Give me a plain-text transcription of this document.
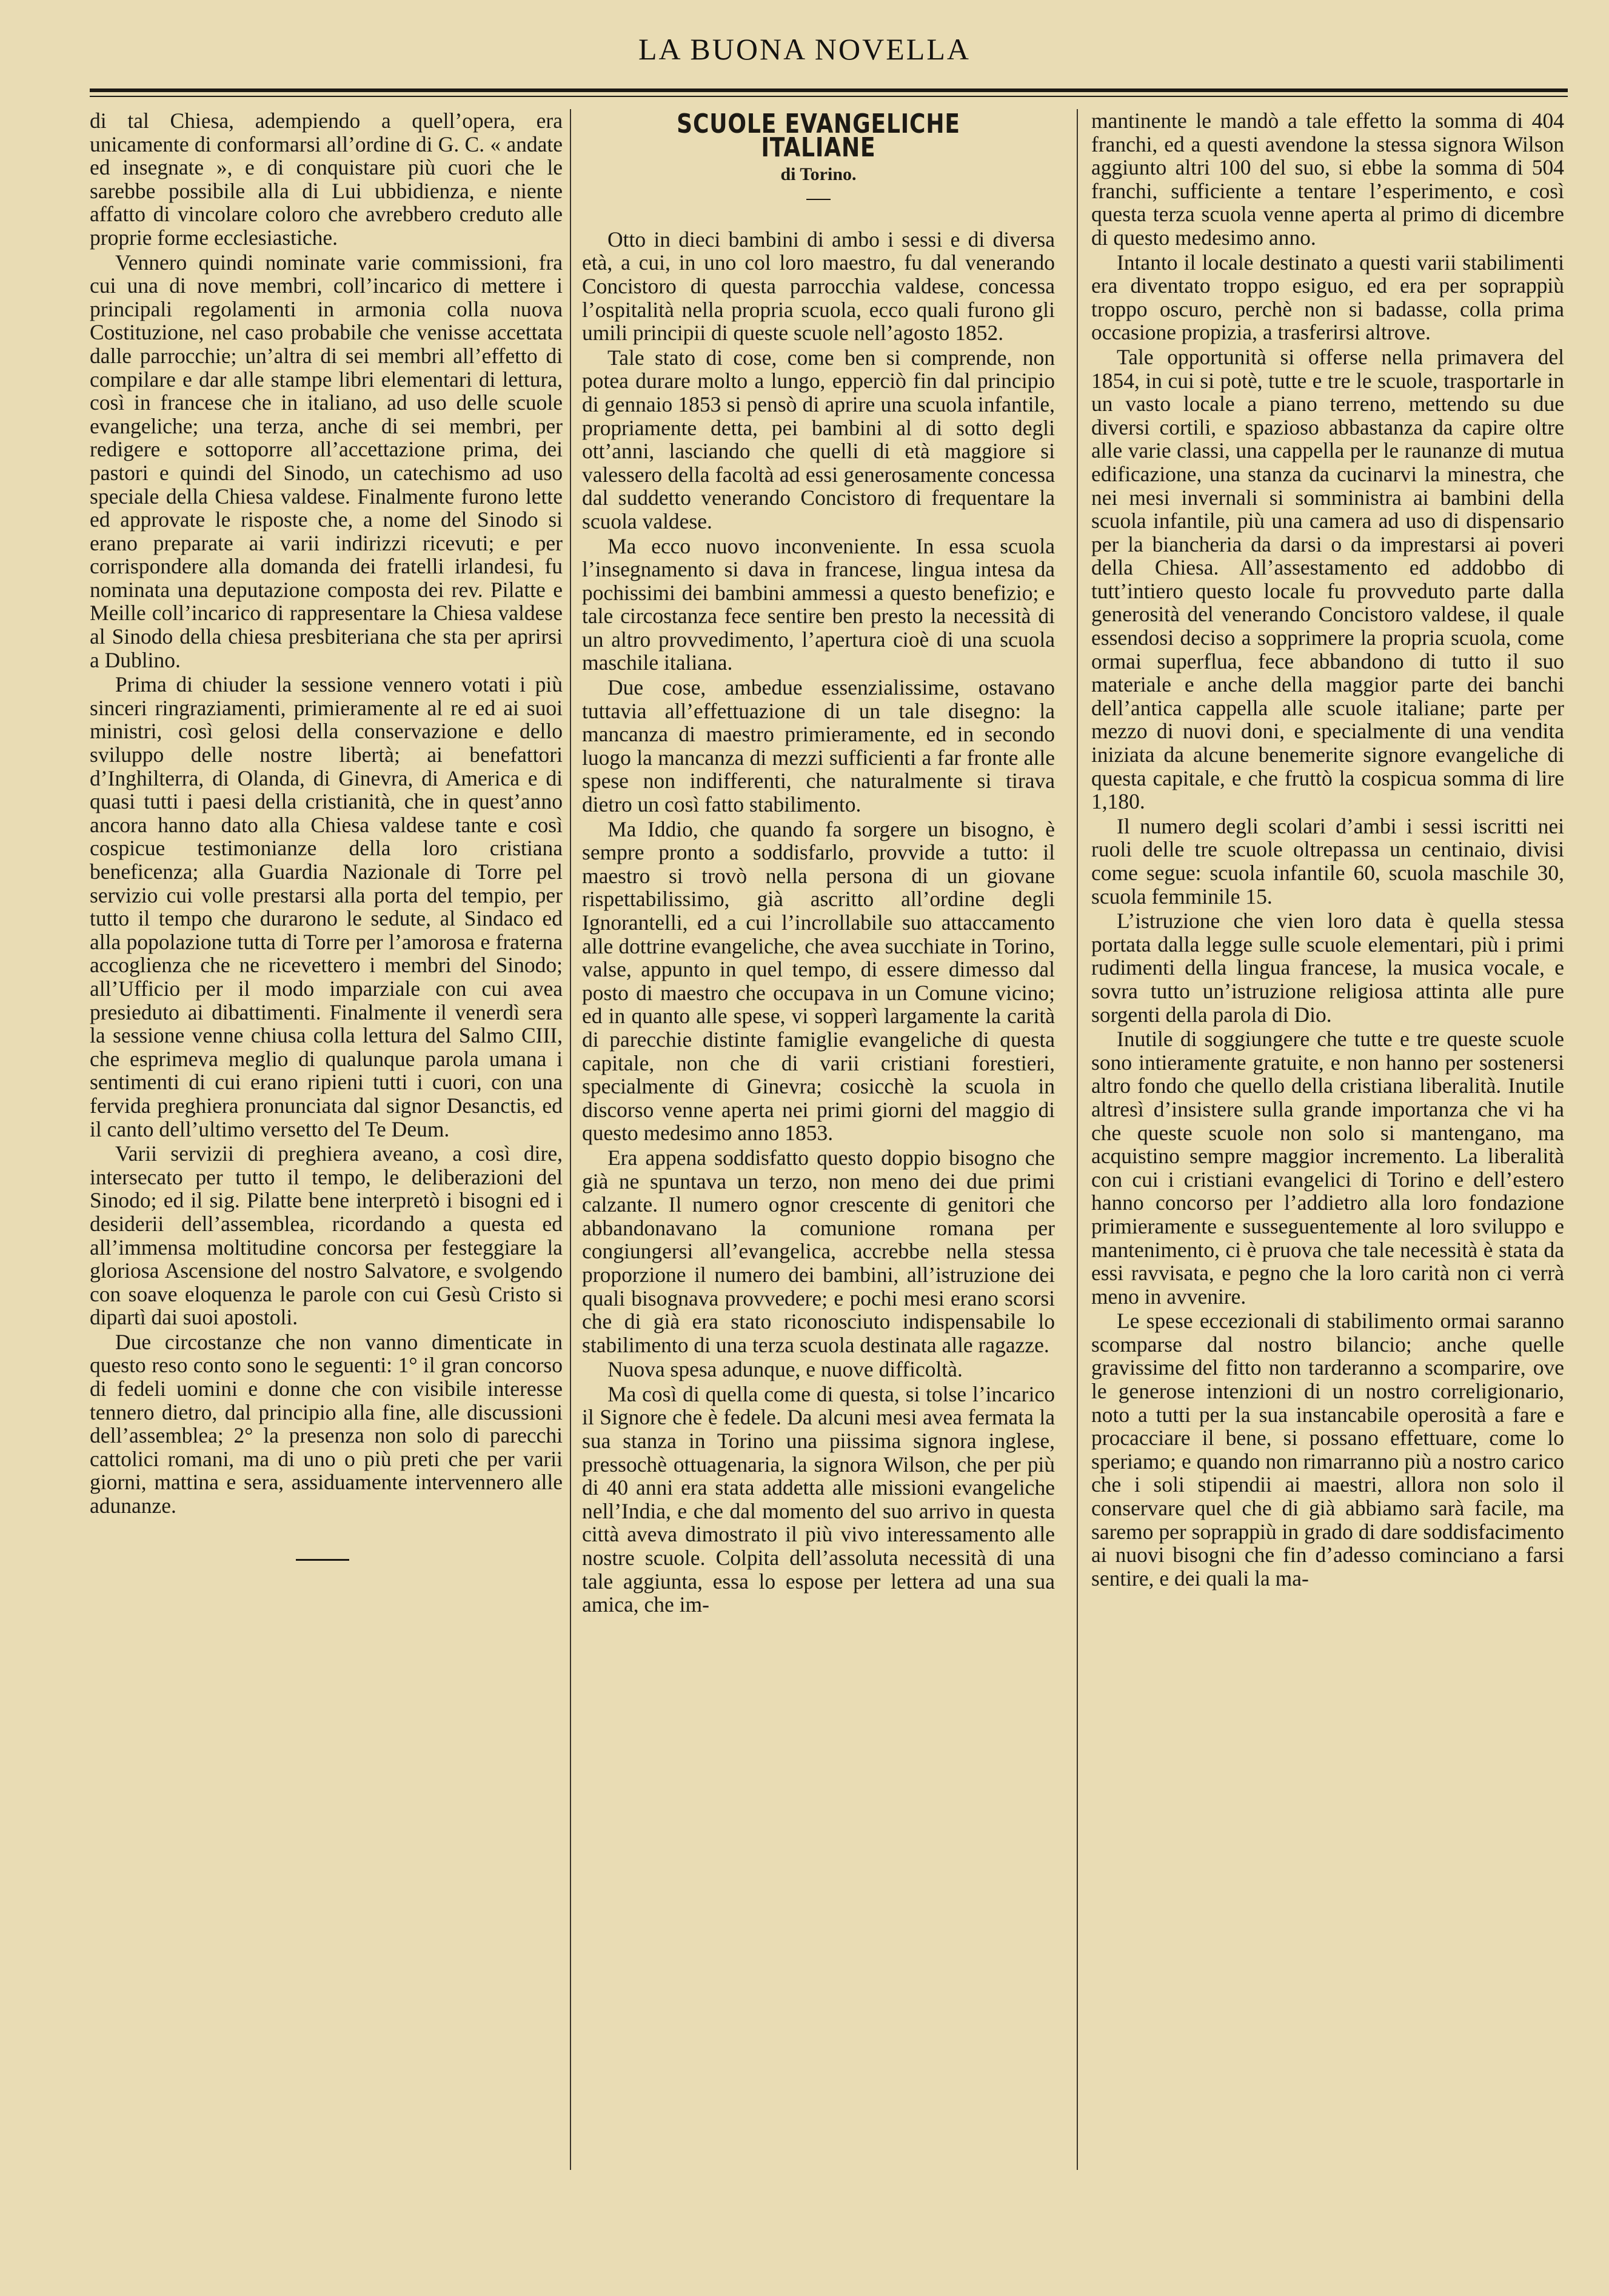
LA BUONA NOVELLA

di tal Chiesa, adempiendo a quell’opera, era unicamente di conformarsi all’ordine di G. C. « andate ed insegnate », e di conquistare più cuori che le sarebbe possibile alla di Lui ubbidienza, e niente affatto di vincolare coloro che avrebbero creduto alle proprie forme ecclesiastiche.

Vennero quindi nominate varie commissioni, fra cui una di nove membri, coll’incarico di mettere i principali regolamenti in armonia colla nuova Costituzione, nel caso probabile che venisse accettata dalle parrocchie; un’altra di sei membri all’effetto di compilare e dar alle stampe libri elementari di lettura, così in francese che in italiano, ad uso delle scuole evangeliche; una terza, anche di sei membri, per redigere e sottoporre all’accettazione prima, dei pastori e quindi del Sinodo, un catechismo ad uso speciale della Chiesa valdese. Finalmente furono lette ed approvate le risposte che, a nome del Sinodo si erano preparate ai varii indirizzi ricevuti; e per corrispondere alla domanda dei fratelli irlandesi, fu nominata una deputazione composta dei rev. Pilatte e Meille coll’incarico di rappresentare la Chiesa valdese al Sinodo della chiesa presbiteriana che sta per aprirsi a Dublino.

Prima di chiuder la sessione vennero votati i più sinceri ringraziamenti, primieramente al re ed ai suoi ministri, così gelosi della conservazione e dello sviluppo delle nostre libertà; ai benefattori d’Inghilterra, di Olanda, di Ginevra, di America e di quasi tutti i paesi della cristianità, che in quest’anno ancora hanno dato alla Chiesa valdese tante e così cospicue testimonianze della loro cristiana beneficenza; alla Guardia Nazionale di Torre pel servizio cui volle prestarsi alla porta del tempio, per tutto il tempo che durarono le sedute, al Sindaco ed alla popolazione tutta di Torre per l’amorosa e fraterna accoglienza che ne ricevettero i membri del Sinodo; all’Ufficio per il modo imparziale con cui avea presieduto ai dibattimenti. Finalmente il venerdì sera la sessione venne chiusa colla lettura del Salmo CIII, che esprimeva meglio di qualunque parola umana i sentimenti di cui erano ripieni tutti i cuori, con una fervida preghiera pronunciata dal signor Desanctis, ed il canto dell’ultimo versetto del Te Deum.

Varii servizii di preghiera aveano, a così dire, intersecato per tutto il tempo, le deliberazioni del Sinodo; ed il sig. Pilatte bene interpretò i bisogni ed i desiderii dell’assemblea, ricordando a questa ed all’immensa moltitudine concorsa per festeggiare la gloriosa Ascensione del nostro Salvatore, e svolgendo con soave eloquenza le parole con cui Gesù Cristo si dipartì dai suoi apostoli.

Due circostanze che non vanno dimenticate in questo reso conto sono le seguenti: 1° il gran concorso di fedeli uomini e donne che con visibile interesse tennero dietro, dal principio alla fine, alle discussioni dell’assemblea; 2° la presenza non solo di parecchi cattolici romani, ma di uno o più preti che per varii giorni, mattina e sera, assiduamente intervennero alle adunanze.

SCUOLE EVANGELICHE ITALIANE
di Torino.

Otto in dieci bambini di ambo i sessi e di diversa età, a cui, in uno col loro maestro, fu dal venerando Concistoro di questa parrocchia valdese, concessa l’ospitalità nella propria scuola, ecco quali furono gli umili principii di queste scuole nell’agosto 1852.

Tale stato di cose, come ben si comprende, non potea durare molto a lungo, epperciò fin dal principio di gennaio 1853 si pensò di aprire una scuola infantile, propriamente detta, pei bambini al di sotto degli ott’anni, lasciando che quelli di età maggiore si valessero della facoltà ad essi generosamente concessa dal suddetto venerando Concistoro di frequentare la scuola valdese.

Ma ecco nuovo inconveniente. In essa scuola l’insegnamento si dava in francese, lingua intesa da pochissimi dei bambini ammessi a questo benefizio; e tale circostanza fece sentire ben presto la necessità di un altro provvedimento, l’apertura cioè di una scuola maschile italiana.

Due cose, ambedue essenzialissime, ostavano tuttavia all’effettuazione di un tale disegno: la mancanza di maestro primieramente, ed in secondo luogo la mancanza di mezzi sufficienti a far fronte alle spese non indifferenti, che naturalmente si tirava dietro un così fatto stabilimento.

Ma Iddio, che quando fa sorgere un bisogno, è sempre pronto a soddisfarlo, provvide a tutto: il maestro si trovò nella persona di un giovane rispettabilissimo, già ascritto all’ordine degli Ignorantelli, ed a cui l’incrollabile suo attaccamento alle dottrine evangeliche, che avea succhiate in Torino, valse, appunto in quel tempo, di essere dimesso dal posto di maestro che occupava in un Comune vicino; ed in quanto alle spese, vi sopperì largamente la carità di parecchie distinte famiglie evangeliche di questa capitale, non che di varii cristiani forestieri, specialmente di Ginevra; cosicchè la scuola in discorso venne aperta nei primi giorni del maggio di questo medesimo anno 1853.

Era appena soddisfatto questo doppio bisogno che già ne spuntava un terzo, non meno dei due primi calzante. Il numero ognor crescente di genitori che abbandonavano la comunione romana per congiungersi all’evangelica, accrebbe nella stessa proporzione il numero dei bambini, all’istruzione dei quali bisognava provvedere; e pochi mesi erano scorsi che di già era stato riconosciuto indispensabile lo stabilimento di una terza scuola destinata alle ragazze.

Nuova spesa adunque, e nuove difficoltà.

Ma così di quella come di questa, si tolse l’incarico il Signore che è fedele. Da alcuni mesi avea fermata la sua stanza in Torino una piissima signora inglese, pressochè ottuagenaria, la signora Wilson, che per più di 40 anni era stata addetta alle missioni evangeliche nell’India, e che dal momento del suo arrivo in questa città aveva dimostrato il più vivo interessamento alle nostre scuole. Colpita dell’assoluta necessità di una tale aggiunta, essa lo espose per lettera ad una sua amica, che im-

mantinente le mandò a tale effetto la somma di 404 franchi, ed a questi avendone la stessa signora Wilson aggiunto altri 100 del suo, si ebbe la somma di 504 franchi, sufficiente a tentare l’esperimento, e così questa terza scuola venne aperta al primo di dicembre di questo medesimo anno.

Intanto il locale destinato a questi varii stabilimenti era diventato troppo esiguo, ed era per soprappiù troppo oscuro, perchè non si badasse, colla prima occasione propizia, a trasferirsi altrove.

Tale opportunità si offerse nella primavera del 1854, in cui si potè, tutte e tre le scuole, trasportarle in un vasto locale a piano terreno, mettendo su due diversi cortili, e spazioso abbastanza da capire oltre alle varie classi, una cappella per le raunanze di mutua edificazione, una stanza da cucinarvi la minestra, che nei mesi invernali si somministra ai bambini della scuola infantile, più una camera ad uso di dispensario per la biancheria da darsi o da imprestarsi ai poveri della Chiesa. All’assestamento ed addobbo di tutt’intiero questo locale fu provveduto parte dalla generosità del venerando Concistoro valdese, il quale essendosi deciso a sopprimere la propria scuola, come ormai superflua, fece abbandono di tutto il suo materiale e anche della maggior parte dei banchi dell’antica cappella alle scuole italiane; parte per mezzo di nuovi doni, e specialmente di una vendita iniziata da alcune benemerite signore evangeliche di questa capitale, e che fruttò la cospicua somma di lire 1,180.

Il numero degli scolari d’ambi i sessi iscritti nei ruoli delle tre scuole oltrepassa un centinaio, divisi come segue: scuola infantile 60, scuola maschile 30, scuola femminile 15.

L’istruzione che vien loro data è quella stessa portata dalla legge sulle scuole elementari, più i primi rudimenti della lingua francese, la musica vocale, e sovra tutto un’istruzione religiosa attinta alle pure sorgenti della parola di Dio.

Inutile di soggiungere che tutte e tre queste scuole sono intieramente gratuite, e non hanno per sostenersi altro fondo che quello della cristiana liberalità. Inutile altresì d’insistere sulla grande importanza che vi ha che queste scuole non solo si mantengano, ma acquistino sempre maggior incremento. La liberalità con cui i cristiani evangelici di Torino e dell’estero hanno concorso per l’addietro alla loro fondazione primieramente e susseguentemente al loro sviluppo e mantenimento, ci è pruova che tale necessità è stata da essi ravvisata, e pegno che la loro carità non ci verrà meno in avvenire.

Le spese eccezionali di stabilimento ormai saranno scomparse dal nostro bilancio; anche quelle gravissime del fitto non tarderanno a scomparire, ove le generose intenzioni di un nostro correligionario, noto a tutti per la sua instancabile operosità a fare e procacciare il bene, si possano effettuare, come lo speriamo; e quando non rimarranno più a nostro carico che i soli stipendii ai maestri, allora non solo il conservare quel che di già abbiamo sarà facile, ma saremo per soprappiù in grado di dare soddisfacimento ai nuovi bisogni che fin d’adesso cominciano a farsi sentire, e dei quali la ma-
